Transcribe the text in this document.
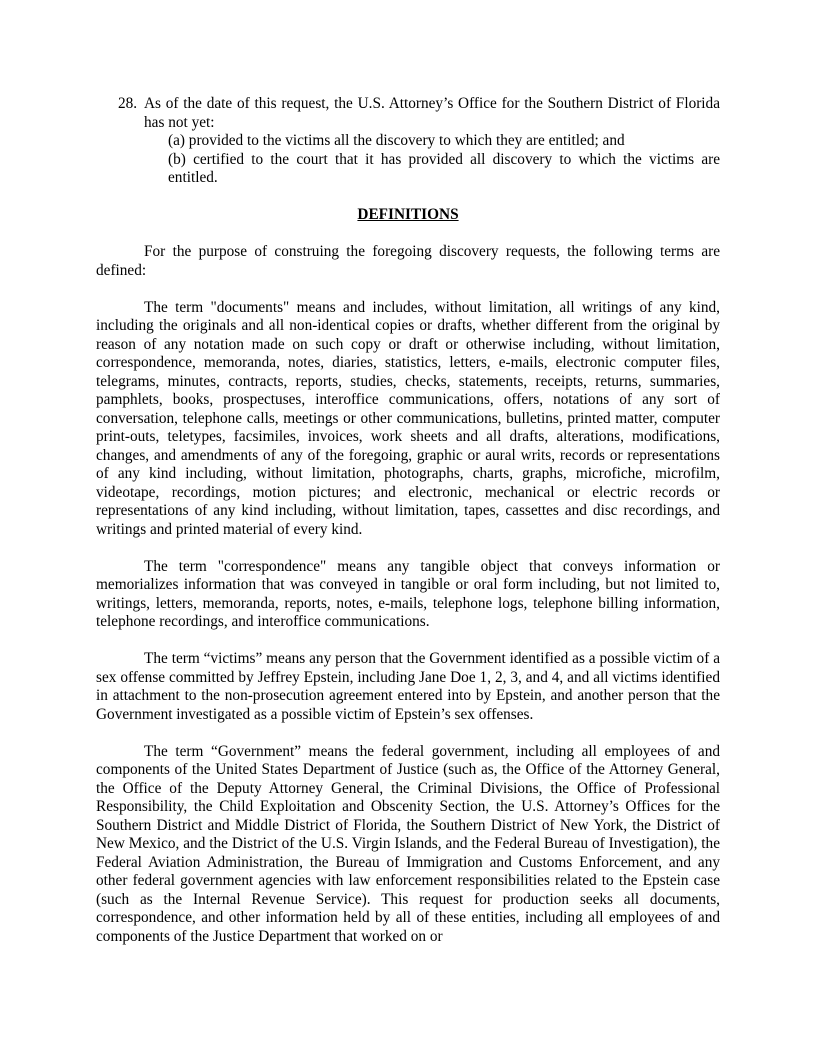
28. As of the date of this request, the U.S. Attorney’s Office for the Southern District of Florida has not yet:

(a) provided to the victims all the discovery to which they are entitled; and

(b) certified to the court that it has provided all discovery to which the victims are entitled.

DEFINITIONS

For the purpose of construing the foregoing discovery requests, the following terms are defined:

The term "documents" means and includes, without limitation, all writings of any kind, including the originals and all non-identical copies or drafts, whether different from the original by reason of any notation made on such copy or draft or otherwise including, without limitation, correspondence, memoranda, notes, diaries, statistics, letters, e-mails, electronic computer files, telegrams, minutes, contracts, reports, studies, checks, statements, receipts, returns, summaries, pamphlets, books, prospectuses, interoffice communications, offers, notations of any sort of conversation, telephone calls, meetings or other communications, bulletins, printed matter, computer print-outs, teletypes, facsimiles, invoices, work sheets and all drafts, alterations, modifications, changes, and amendments of any of the foregoing, graphic or aural writs, records or representations of any kind including, without limitation, photographs, charts, graphs, microfiche, microfilm, videotape, recordings, motion pictures; and electronic, mechanical or electric records or representations of any kind including, without limitation, tapes, cassettes and disc recordings, and writings and printed material of every kind.

The term "correspondence" means any tangible object that conveys information or memorializes information that was conveyed in tangible or oral form including, but not limited to, writings, letters, memoranda, reports, notes, e-mails, telephone logs, telephone billing information, telephone recordings, and interoffice communications.

The term “victims” means any person that the Government identified as a possible victim of a sex offense committed by Jeffrey Epstein, including Jane Doe 1, 2, 3, and 4, and all victims identified in attachment to the non-prosecution agreement entered into by Epstein, and another person that the Government investigated as a possible victim of Epstein’s sex offenses.

The term “Government” means the federal government, including all employees of and components of the United States Department of Justice (such as, the Office of the Attorney General, the Office of the Deputy Attorney General, the Criminal Divisions, the Office of Professional Responsibility, the Child Exploitation and Obscenity Section, the U.S. Attorney’s Offices for the Southern District and Middle District of Florida, the Southern District of New York, the District of New Mexico, and the District of the U.S. Virgin Islands, and the Federal Bureau of Investigation), the Federal Aviation Administration, the Bureau of Immigration and Customs Enforcement, and any other federal government agencies with law enforcement responsibilities related to the Epstein case (such as the Internal Revenue Service). This request for production seeks all documents, correspondence, and other information held by all of these entities, including all employees of and components of the Justice Department that worked on or
